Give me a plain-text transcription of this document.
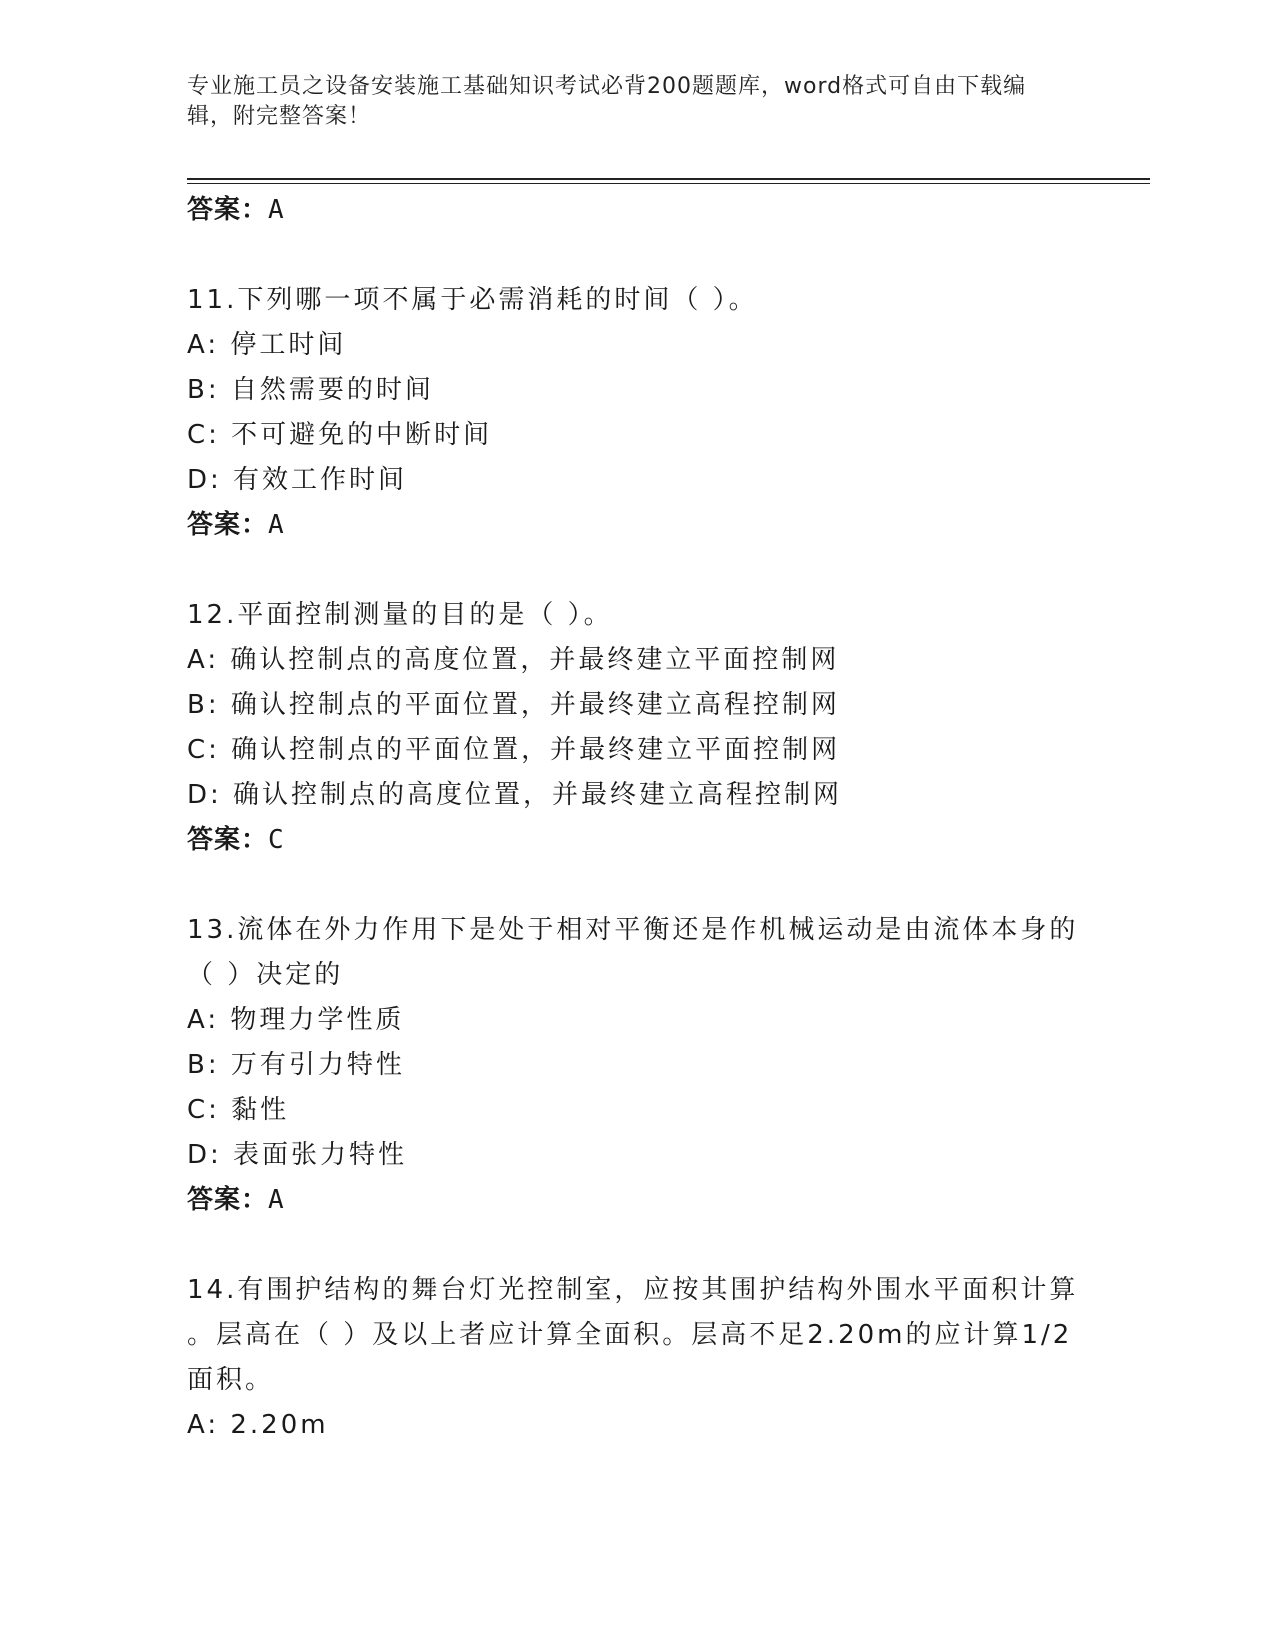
专业施工员之设备安装施工基础知识考试必背200题题库，word格式可自由下载编辑，附完整答案！
答案：A
11.下列哪一项不属于必需消耗的时间（ ）。
A: 停工时间
B: 自然需要的时间
C: 不可避免的中断时间
D: 有效工作时间
答案：A
12.平面控制测量的目的是（ ）。
A: 确认控制点的高度位置，并最终建立平面控制网
B: 确认控制点的平面位置，并最终建立高程控制网
C: 确认控制点的平面位置，并最终建立平面控制网
D: 确认控制点的高度位置，并最终建立高程控制网
答案：C
13.流体在外力作用下是处于相对平衡还是作机械运动是由流体本身的
（ ）决定的
A: 物理力学性质
B: 万有引力特性
C: 黏性
D: 表面张力特性
答案：A
14.有围护结构的舞台灯光控制室，应按其围护结构外围水平面积计算
。层高在（ ）及以上者应计算全面积。层高不足2.20m的应计算1/2
面积。
A: 2.20m
